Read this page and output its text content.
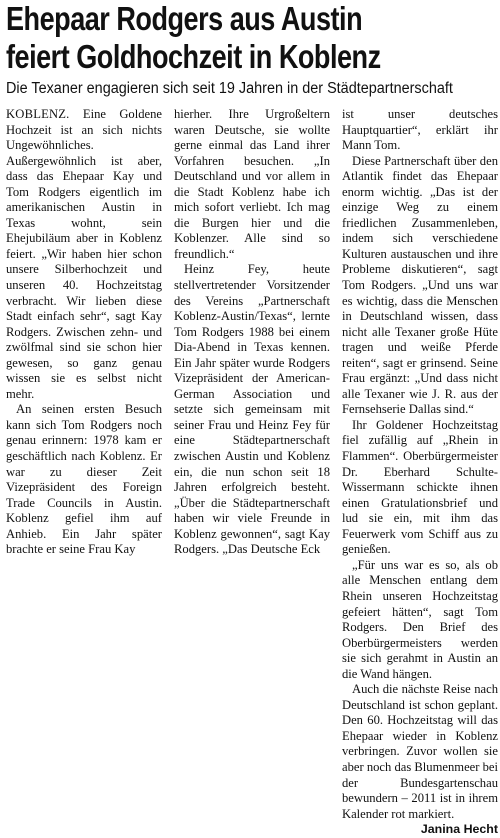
Ehepaar Rodgers aus Austin
feiert Goldhochzeit in Koblenz
Die Texaner engagieren sich seit 19 Jahren in der Städtepartnerschaft

KOBLENZ. Eine Goldene Hochzeit ist an sich nichts Ungewöhnliches. Außergewöhnlich ist aber, dass das Ehepaar Kay und Tom Rodgers eigentlich im amerikanischen Austin in Texas wohnt, sein Ehejubiläum aber in Koblenz feiert. „Wir haben hier schon unsere Silberhochzeit und unseren 40. Hochzeitstag verbracht. Wir lieben diese Stadt einfach sehr“, sagt Kay Rodgers. Zwischen zehn- und zwölfmal sind sie schon hier gewesen, so ganz genau wissen sie es selbst nicht mehr.

An seinen ersten Besuch kann sich Tom Rodgers noch genau erinnern: 1978 kam er geschäftlich nach Koblenz. Er war zu dieser Zeit Vizepräsident des Foreign Trade Councils in Austin. Koblenz gefiel ihm auf Anhieb. Ein Jahr später brachte er seine Frau Kay

hierher. Ihre Urgroßeltern waren Deutsche, sie wollte gerne einmal das Land ihrer Vorfahren besuchen. „In Deutschland und vor allem in die Stadt Koblenz habe ich mich sofort verliebt. Ich mag die Burgen hier und die Koblenzer. Alle sind so freundlich.“

Heinz Fey, heute stellvertretender Vorsitzender des Vereins „Partnerschaft Koblenz-Austin/Texas“, lernte Tom Rodgers 1988 bei einem Dia-Abend in Texas kennen. Ein Jahr später wurde Rodgers Vizepräsident der American-German Association und setzte sich gemeinsam mit seiner Frau und Heinz Fey für eine Städtepartnerschaft zwischen Austin und Koblenz ein, die nun schon seit 18 Jahren erfolgreich besteht. „Über die Städtepartnerschaft haben wir viele Freunde in Koblenz gewonnen“, sagt Kay Rodgers. „Das Deutsche Eck

ist unser deutsches Hauptquartier“, erklärt ihr Mann Tom.

Diese Partnerschaft über den Atlantik findet das Ehepaar enorm wichtig. „Das ist der einzige Weg zu einem friedlichen Zusammenleben, indem sich verschiedene Kulturen austauschen und ihre Probleme diskutieren“, sagt Tom Rodgers. „Und uns war es wichtig, dass die Menschen in Deutschland wissen, dass nicht alle Texaner große Hüte tragen und weiße Pferde reiten“, sagt er grinsend. Seine Frau ergänzt: „Und dass nicht alle Texaner wie J. R. aus der Fernsehserie Dallas sind.“

Ihr Goldener Hochzeitstag fiel zufällig auf „Rhein in Flammen“. Oberbürgermeister Dr. Eberhard Schulte-Wissermann schickte ihnen einen Gratulationsbrief und lud sie ein, mit ihm das Feuerwerk vom Schiff aus zu genießen.

„Für uns war es so, als ob alle Menschen entlang dem Rhein unseren Hochzeitstag gefeiert hätten“, sagt Tom Rodgers. Den Brief des Oberbürgermeisters werden sie sich gerahmt in Austin an die Wand hängen.

Auch die nächste Reise nach Deutschland ist schon geplant. Den 60. Hochzeitstag will das Ehepaar wieder in Koblenz verbringen. Zuvor wollen sie aber noch das Blumenmeer bei der Bundesgartenschau bewundern – 2011 ist in ihrem Kalender rot markiert.

Janina Hecht
